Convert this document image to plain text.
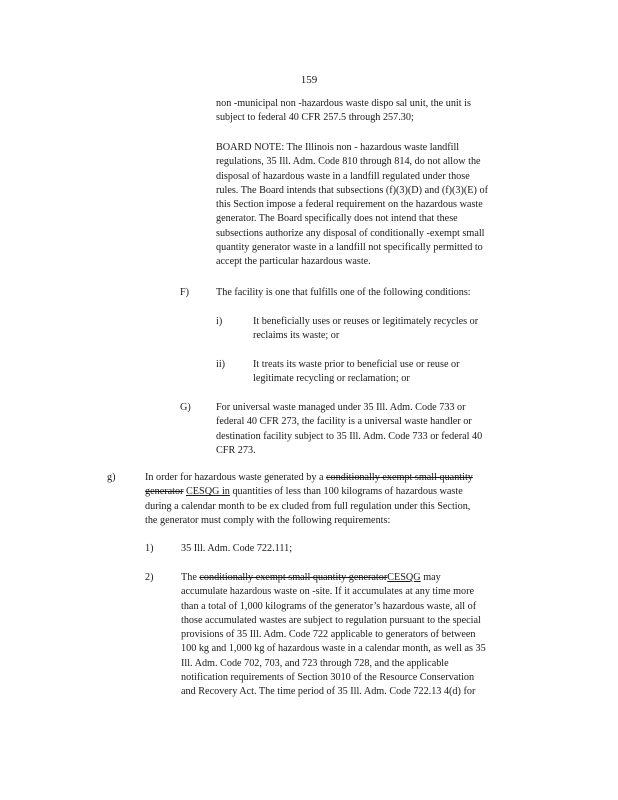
159
non -municipal non -hazardous waste dispo sal unit, the unit is
subject to federal 40 CFR 257.5 through 257.30;
BOARD NOTE: The Illinois non - hazardous waste landfill
regulations, 35 Ill. Adm. Code 810 through 814, do not allow the
disposal of hazardous waste in a landfill regulated under those
rules. The Board intends that subsections (f)(3)(D) and (f)(3)(E) of
this Section impose a federal requirement on the hazardous waste
generator. The Board specifically does not intend that these
subsections authorize any disposal of conditionally -exempt small
quantity generator waste in a landfill not specifically permitted to
accept the particular hazardous waste.
F)	The facility is one that fulfills one of the following conditions:
i)	It beneficially uses or reuses or legitimately recycles or
reclaims its waste; or
ii)	It treats its waste prior to beneficial use or reuse or
legitimate recycling or reclamation; or
G) For universal waste managed under 35 Ill. Adm. Code 733 or
federal 40 CFR 273, the facility is a universal waste handler or
destination facility subject to 35 Ill. Adm. Code 733 or federal 40
CFR 273.
g)	In order for hazardous waste generated by a conditionally exempt small quantity
generator CESQG in quantities of less than 100 kilograms of hazardous waste
during a calendar month to be ex cluded from full regulation under this Section,
the generator must comply with the following requirements:
1)	35 Ill. Adm. Code 722.111;
2)	The conditionally exempt small quantity generatorCESQG may
accumulate hazardous waste on -site. If it accumulates at any time more
than a total of 1,000 kilograms of the generator’s hazardous waste, all of
those accumulated wastes are subject to regulation pursuant to the special
provisions of 35 Ill. Adm. Code 722 applicable to generators of between
100 kg and 1,000 kg of hazardous waste in a calendar month, as well as 35
Ill. Adm. Code 702, 703, and 723 through 728, and the applicable
notification requirements of Section 3010 of the Resource Conservation
and Recovery Act. The time period of 35 Ill. Adm. Code 722.13 4(d) for
